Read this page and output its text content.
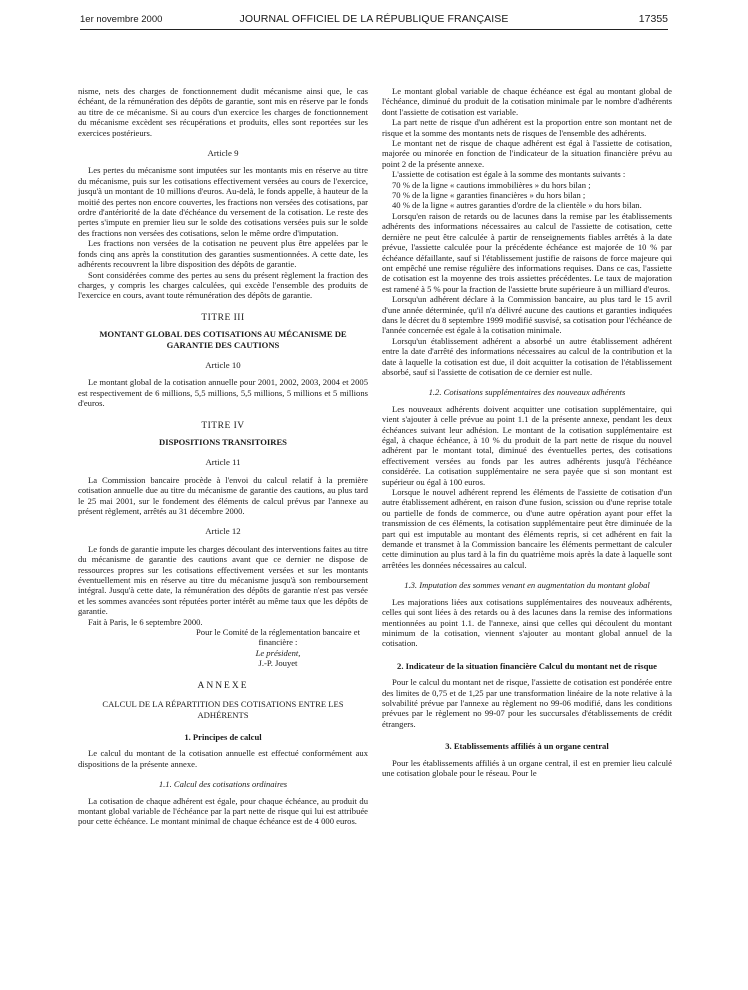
1er novembre 2000	JOURNAL OFFICIEL DE LA RÉPUBLIQUE FRANÇAISE	17355

nisme, nets des charges de fonctionnement dudit mécanisme ainsi que, le cas échéant, de la rémunération des dépôts de garantie, sont mis en réserve par le fonds au titre de ce mécanisme. Si au cours d'un exercice les charges de fonctionnement du mécanisme excèdent ses récupérations et produits, elles sont reportées sur les exercices postérieurs.

Article 9

Les pertes du mécanisme sont imputées sur les montants mis en réserve au titre du mécanisme, puis sur les cotisations effectivement versées au cours de l'exercice, jusqu'à un montant de 10 millions d'euros. Au-delà, le fonds appelle, à hauteur de la moitié des pertes non encore couvertes, les fractions non versées des cotisations, par ordre d'antériorité de la date d'échéance du versement de la cotisation. Le reste des pertes s'impute en premier lieu sur le solde des cotisations versées puis sur le solde des fractions non versées des cotisations, selon le même ordre d'imputation.

Les fractions non versées de la cotisation ne peuvent plus être appelées par le fonds cinq ans après la constitution des garanties susmentionnées. A cette date, les adhérents recouvrent la libre disposition des dépôts de garantie.

Sont considérées comme des pertes au sens du présent règlement la fraction des charges, y compris les charges calculées, qui excède l'ensemble des produits de l'exercice en cours, avant toute rémunération des dépôts de garantie.

TITRE III
MONTANT GLOBAL DES COTISATIONS AU MÉCANISME DE GARANTIE DES CAUTIONS
Article 10

Le montant global de la cotisation annuelle pour 2001, 2002, 2003, 2004 et 2005 est respectivement de 6 millions, 5,5 millions, 5,5 millions, 5 millions et 5 millions d'euros.

TITRE IV
DISPOSITIONS TRANSITOIRES
Article 11

La Commission bancaire procède à l'envoi du calcul relatif à la première cotisation annuelle due au titre du mécanisme de garantie des cautions, au plus tard le 25 mai 2001, sur le fondement des éléments de calcul prévus par l'annexe au présent règlement, arrêtés au 31 décembre 2000.

Article 12

Le fonds de garantie impute les charges découlant des interventions faites au titre du mécanisme de garantie des cautions avant que ce dernier ne dispose de ressources propres sur les cotisations effectivement versées et sur les montants éventuellement mis en réserve au titre du mécanisme jusqu'à son remboursement intégral. Jusqu'à cette date, la rémunération des dépôts de garantie n'est pas versée et les sommes avancées sont réputées porter intérêt au même taux que les dépôts de garantie.

Fait à Paris, le 6 septembre 2000.

Pour le Comité de la réglementation bancaire et financière :

Le président,

J.-P. Jouyet

ANNEXE
CALCUL DE LA RÉPARTITION DES COTISATIONS ENTRE LES ADHÉRENTS
1. Principes de calcul

Le calcul du montant de la cotisation annuelle est effectué conformément aux dispositions de la présente annexe.

1.1. Calcul des cotisations ordinaires

La cotisation de chaque adhérent est égale, pour chaque échéance, au produit du montant global variable de l'échéance par la part nette de risque qui lui est attribuée pour cette échéance. Le montant minimal de chaque échéance est de 4 000 euros.

Le montant global variable de chaque échéance est égal au montant global de l'échéance, diminué du produit de la cotisation minimale par le nombre d'adhérents dont l'assiette de cotisation est variable.

La part nette de risque d'un adhérent est la proportion entre son montant net de risque et la somme des montants nets de risques de l'ensemble des adhérents.

Le montant net de risque de chaque adhérent est égal à l'assiette de cotisation, majorée ou minorée en fonction de l'indicateur de la situation financière prévu au point 2 de la présente annexe.

L'assiette de cotisation est égale à la somme des montants suivants :

70 % de la ligne « cautions immobilières » du hors bilan ;

70 % de la ligne « garanties financières » du hors bilan ;

40 % de la ligne « autres garanties d'ordre de la clientèle » du hors bilan.

Lorsqu'en raison de retards ou de lacunes dans la remise par les établissements adhérents des informations nécessaires au calcul de l'assiette de cotisation, cette dernière ne peut être calculée à partir de renseignements fiables arrêtés à la date prévue, l'assiette calculée pour la précédente échéance est majorée de 10 % par échéance défaillante, sauf si l'établissement justifie de raisons de force majeure qui ont empêché une remise régulière des informations requises. Dans ce cas, l'assiette de cotisation est la moyenne des trois assiettes précédentes. Le taux de majoration est ramené à 5 % pour la fraction de l'assiette brute supérieure à un milliard d'euros.

Lorsqu'un adhérent déclare à la Commission bancaire, au plus tard le 15 avril d'une année déterminée, qu'il n'a délivré aucune des cautions et garanties indiquées dans le décret du 8 septembre 1999 modifié susvisé, sa cotisation pour l'échéance de l'année concernée est égale à la cotisation minimale.

Lorsqu'un établissement adhérent a absorbé un autre établissement adhérent entre la date d'arrêté des informations nécessaires au calcul de la contribution et la date à laquelle la cotisation est due, il doit acquitter la cotisation de l'établissement absorbé, sauf si l'assiette de cotisation de ce dernier est nulle.

1.2. Cotisations supplémentaires des nouveaux adhérents

Les nouveaux adhérents doivent acquitter une cotisation supplémentaire, qui vient s'ajouter à celle prévue au point 1.1 de la présente annexe, pendant les deux échéances suivant leur adhésion. Le montant de la cotisation supplémentaire est égal, à chaque échéance, à 10 % du produit de la part nette de risque du nouvel adhérent par le montant total, diminué des éventuelles pertes, des cotisations effectivement versées au fonds par les autres adhérents jusqu'à l'échéance considérée. La cotisation supplémentaire ne sera payée que si son montant est supérieur ou égal à 100 euros.

Lorsque le nouvel adhérent reprend les éléments de l'assiette de cotisation d'un autre établissement adhérent, en raison d'une fusion, scission ou d'une reprise totale ou partielle de fonds de commerce, ou d'une autre opération ayant pour effet la transmission de ces éléments, la cotisation supplémentaire peut être diminuée de la part qui est imputable au montant des éléments repris, si cet adhérent en fait la demande et transmet à la Commission bancaire les éléments permettant de calculer cette diminution au plus tard à la fin du quatrième mois après la date à laquelle sont arrêtées les données nécessaires au calcul.

1.3. Imputation des sommes venant en augmentation du montant global

Les majorations liées aux cotisations supplémentaires des nouveaux adhérents, celles qui sont liées à des retards ou à des lacunes dans la remise des informations mentionnées au point 1.1. de l'annexe, ainsi que celles qui découlent du montant minimum de la cotisation, viennent s'ajouter au montant global annuel de la cotisation.

2. Indicateur de la situation financière Calcul du montant net de risque

Pour le calcul du montant net de risque, l'assiette de cotisation est pondérée entre des limites de 0,75 et de 1,25 par une transformation linéaire de la note relative à la solvabilité prévue par l'annexe au règlement no 99-06 modifié, dans les conditions prévues par le règlement no 99-07 pour les succursales d'établissements de crédit étrangers.

3. Etablissements affiliés à un organe central

Pour les établissements affiliés à un organe central, il est en premier lieu calculé une cotisation globale pour le réseau. Pour le
